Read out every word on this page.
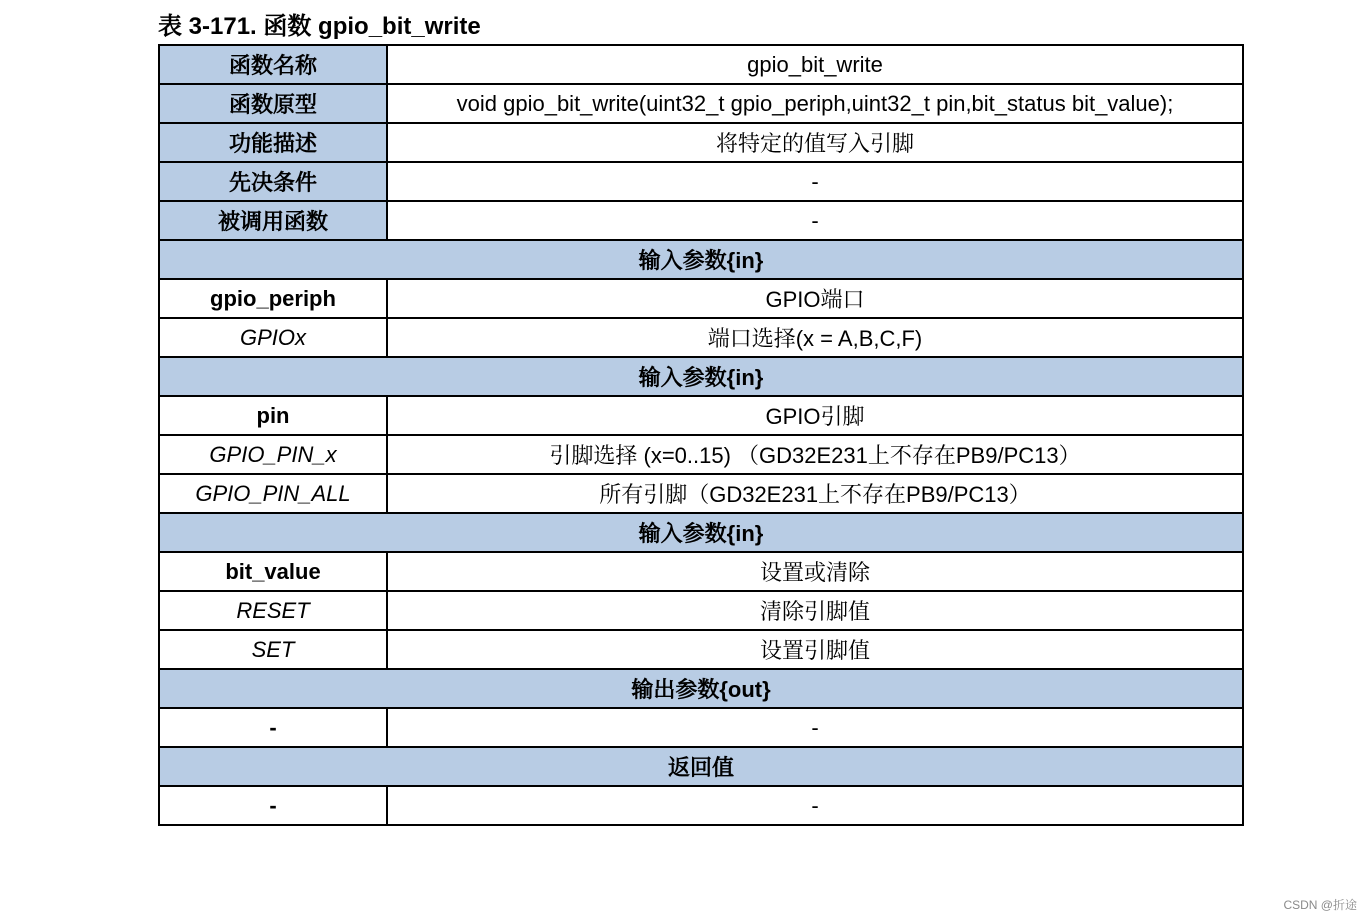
表 3-171. 函数 gpio_bit_write
函数名称	gpio_bit_write
函数原型	void gpio_bit_write(uint32_t gpio_periph,uint32_t pin,bit_status bit_value);
功能描述	将特定的值写入引脚
先决条件	-
被调用函数	-
输入参数{in}	
gpio_periph	GPIO端口
GPIOx	端口选择(x = A,B,C,F)
输入参数{in}	
pin	GPIO引脚
GPIO_PIN_x	引脚选择 (x=0..15) （GD32E231上不存在PB9/PC13）
GPIO_PIN_ALL	所有引脚（GD32E231上不存在PB9/PC13）
输入参数{in}	
bit_value	设置或清除
RESET	清除引脚值
SET	设置引脚值
输出参数{out}	
-	-
返回值	
-	-
CSDN @折途
